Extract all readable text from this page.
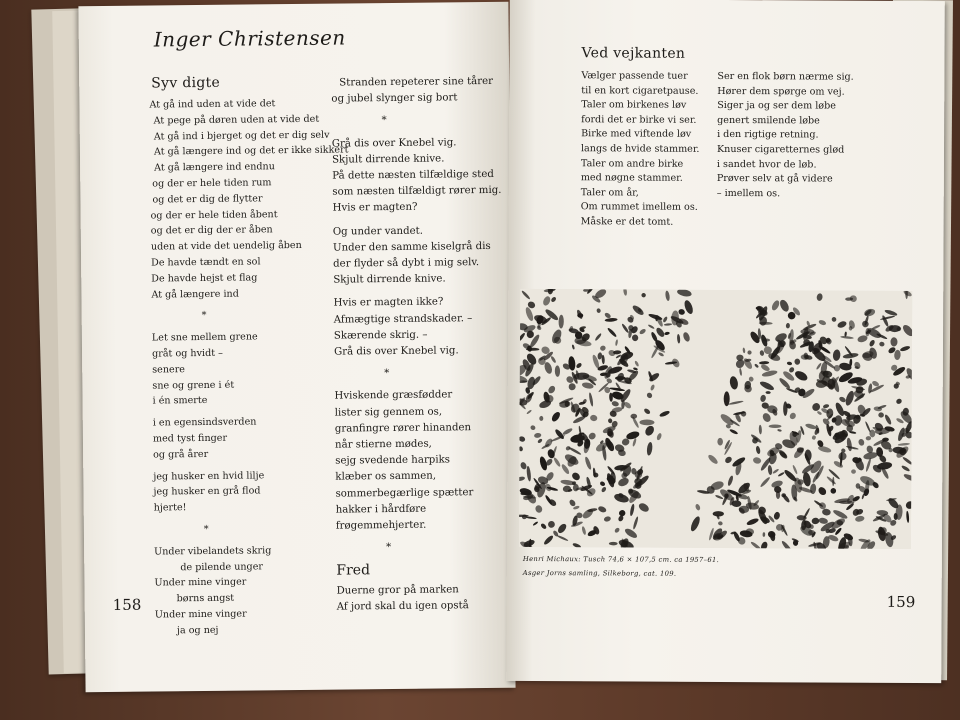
Inger Christensen
Syv digte
At gå ind uden at vide det
At pege på døren uden at vide det
At gå ind i bjerget og det er dig selv
At gå længere ind og det er ikke sikkert
At gå længere ind endnu
og der er hele tiden rum
og det er dig de flytter
og der er hele tiden åbent
og det er dig der er åben
uden at vide det uendelig åben
De havde tændt en sol
De havde hejst et flag
At gå længere ind
*
Let sne mellem grene
gråt og hvidt –
senere
sne og grene i ét
i én smerte
i en egensindsverden
med tyst finger
og grå årer
jeg husker en hvid lilje
jeg husker en grå flod
hjerte!
*
Under vibelandets skrig
de pilende unger
Under mine vinger
børns angst
Under mine vinger
ja og nej
Stranden repeterer sine tårer
og jubel slynger sig bort
*
Grå dis over Knebel vig.
Skjult dirrende knive.
På dette næsten tilfældige sted
som næsten tilfældigt rører mig.
Hvis er magten?
Og under vandet.
Under den samme kiselgrå dis
der flyder så dybt i mig selv.
Skjult dirrende knive.
Hvis er magten ikke?
Afmægtige strandskader. –
Skærende skrig. –
Grå dis over Knebel vig.
*
Hviskende græsfødder
lister sig gennem os,
granfingre rører hinanden
når stierne mødes,
sejg svedende harpiks
klæber os sammen,
sommerbegærlige spætter
hakker i hårdføre
frøgemmehjerter.
*
Fred
Duerne gror på marken
Af jord skal du igen opstå
158
Ved vejkanten
Vælger passende tuer
til en kort cigaretpause.
Taler om birkenes løv
fordi det er birke vi ser.
Birke med viftende løv
langs de hvide stammer.
Taler om andre birke
med nøgne stammer.
Taler om år,
Om rummet imellem os.
Måske er det tomt.
Ser en flok børn nærme sig.
Hører dem spørge om vej.
Siger ja og ser dem løbe
genert smilende løbe
i den rigtige retning.
Knuser cigaretternes glød
i sandet hvor de løb.
Prøver selv at gå videre
– imellem os.
Henri Michaux: Tusch 74,6 × 107,5 cm. ca 1957–61.
Asger Jorns samling, Silkeborg, cat. 109.
159
